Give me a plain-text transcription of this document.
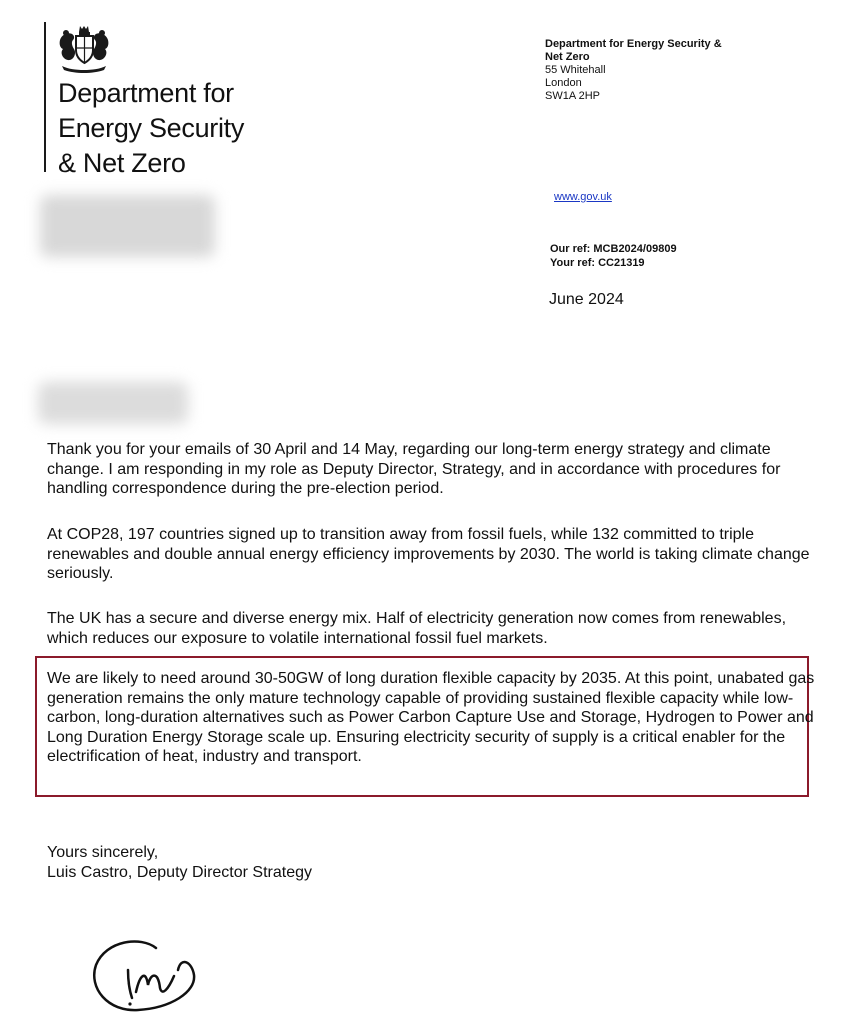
Department for
Energy Security
& Net Zero
Department for Energy Security &
Net Zero
55 Whitehall
London
SW1A 2HP
www.gov.uk
Our ref: MCB2024/09809
Your ref: CC21319
June 2024

Thank you for your emails of 30 April and 14 May, regarding our long-term energy strategy and climate change. I am responding in my role as Deputy Director, Strategy, and in accordance with procedures for handling correspondence during the pre-election period.

At COP28, 197 countries signed up to transition away from fossil fuels, while 132 committed to triple renewables and double annual energy efficiency improvements by 2030. The world is taking climate change seriously.

The UK has a secure and diverse energy mix. Half of electricity generation now comes from renewables, which reduces our exposure to volatile international fossil fuel markets.

We are likely to need around 30-50GW of long duration flexible capacity by 2035. At this point, unabated gas generation remains the only mature technology capable of providing sustained flexible capacity while low-carbon, long-duration alternatives such as Power Carbon Capture Use and Storage, Hydrogen to Power and Long Duration Energy Storage scale up. Ensuring electricity security of supply is a critical enabler for the electrification of heat, industry and transport.

Yours sincerely,
Luis Castro, Deputy Director Strategy
